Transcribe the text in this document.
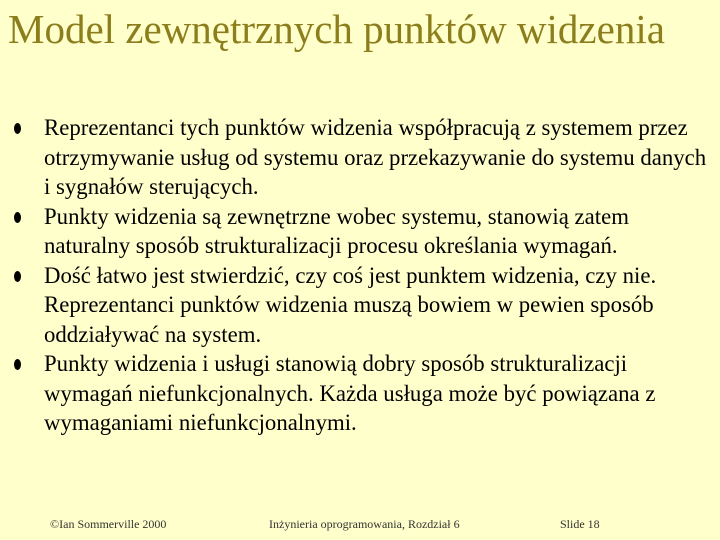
Model zewnętrznych punktów widzenia
Reprezentanci tych punktów widzenia współpracują z systemem przez otrzymywanie usług od systemu oraz przekazywanie do systemu danych i sygnałów sterujących.
Punkty widzenia są zewnętrzne wobec systemu, stanowią zatem naturalny sposób strukturalizacji procesu określania wymagań.
Dość łatwo jest stwierdzić, czy coś jest punktem widzenia, czy nie. Reprezentanci punktów widzenia muszą bowiem w pewien sposób oddziaływać na system.
Punkty widzenia i usługi stanowią dobry sposób strukturalizacji wymagań niefunkcjonalnych. Każda usługa może być powiązana z wymaganiami niefunkcjonalnymi.
©Ian Sommerville 2000	Inżynieria oprogramowania, Rozdział 6	Slide 18
